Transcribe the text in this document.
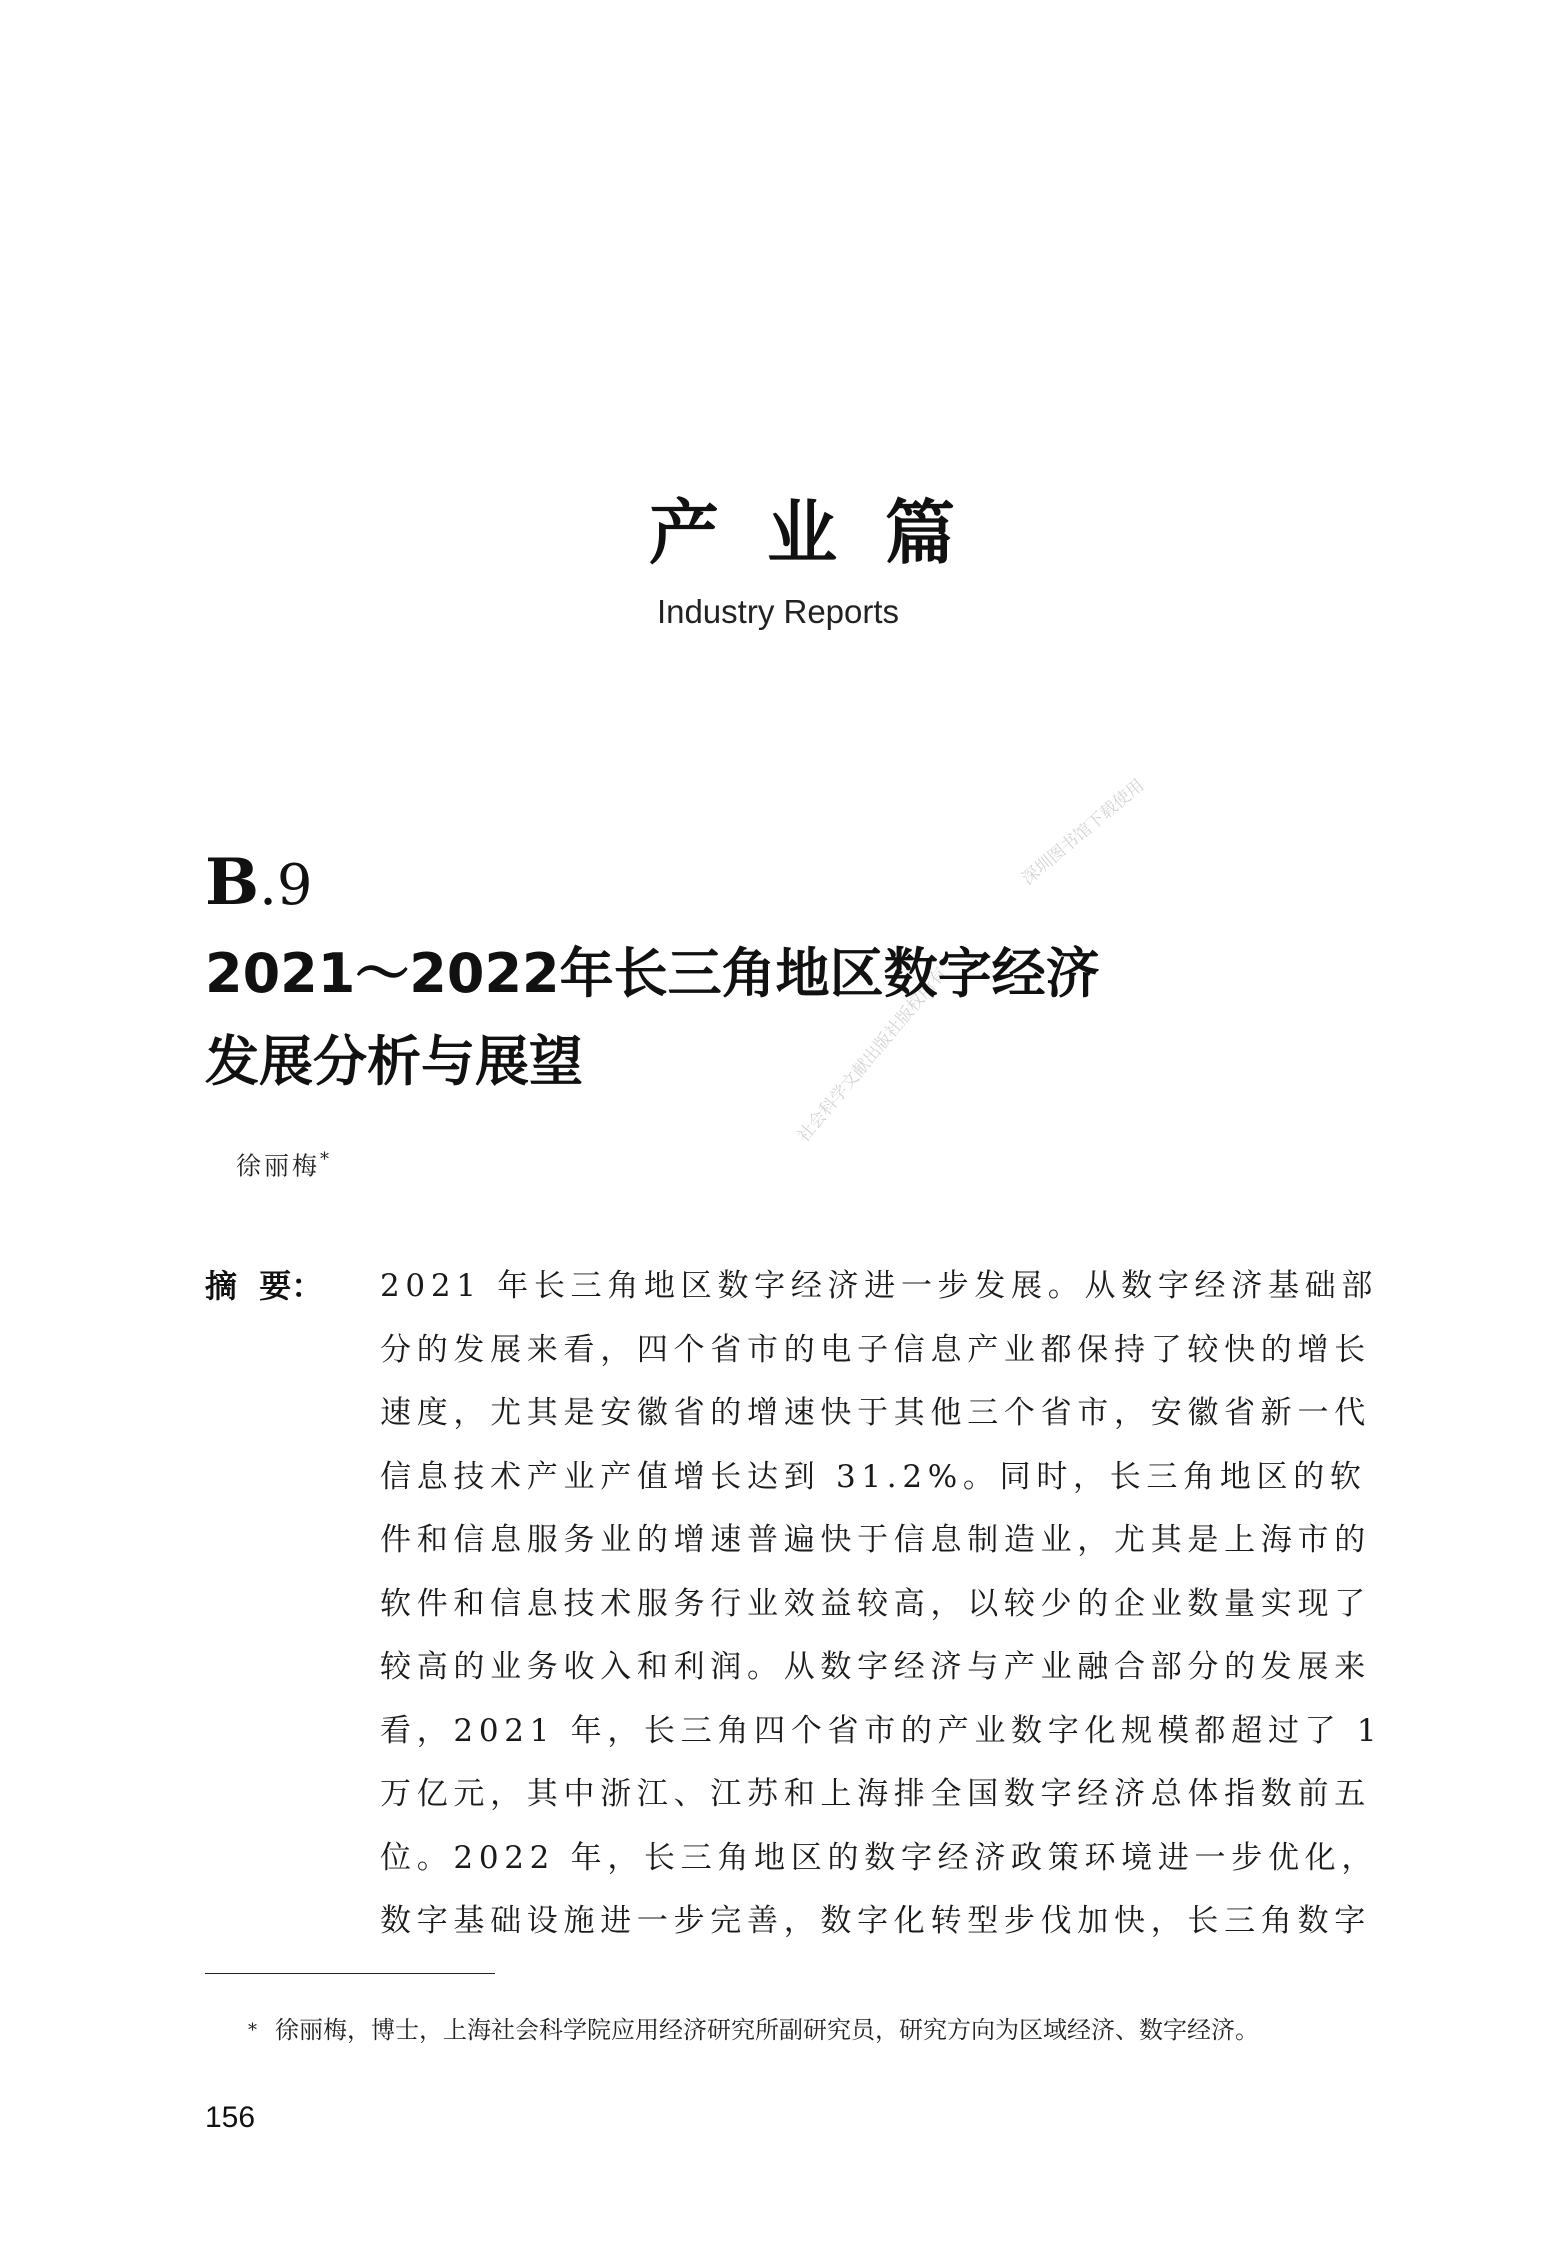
产业篇
Industry Reports
社会科学文献出版社版权所有
深圳图书馆下载使用
B.9
2021～2022年长三角地区数字经济
发展分析与展望
徐丽梅*
摘  要：	2021 年长三角地区数字经济进一步发展。从数字经济基础部
分的发展来看，四个省市的电子信息产业都保持了较快的增长
速度，尤其是安徽省的增速快于其他三个省市，安徽省新一代
信息技术产业产值增长达到 31.2%。同时，长三角地区的软
件和信息服务业的增速普遍快于信息制造业，尤其是上海市的
软件和信息技术服务行业效益较高，以较少的企业数量实现了
较高的业务收入和利润。从数字经济与产业融合部分的发展来
看，2021 年，长三角四个省市的产业数字化规模都超过了 1
万亿元，其中浙江、江苏和上海排全国数字经济总体指数前五
位。2022 年，长三角地区的数字经济政策环境进一步优化，
数字基础设施进一步完善，数字化转型步伐加快，长三角数字
* 徐丽梅，博士，上海社会科学院应用经济研究所副研究员，研究方向为区域经济、数字经济。
156
